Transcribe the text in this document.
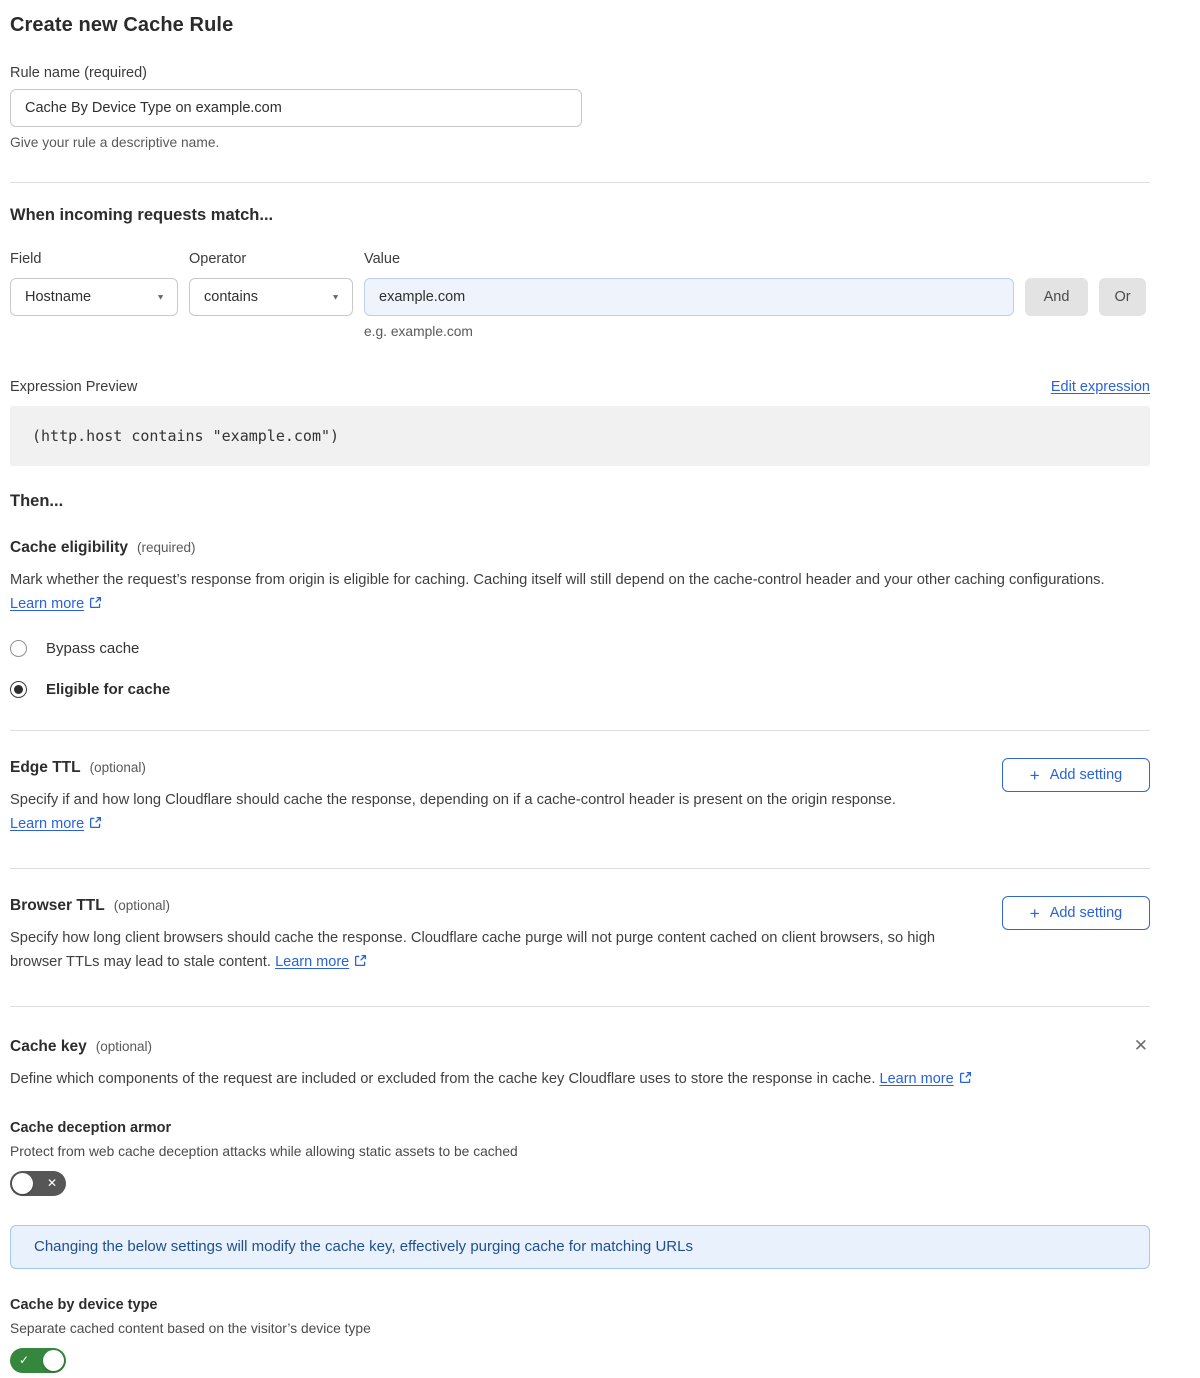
Create new Cache Rule
Rule name (required)
Cache By Device Type on example.com
Give your rule a descriptive name.
When incoming requests match...
Field
Hostname	▼
Operator
contains	▼
Value
example.com
e.g. example.com
And	Or
Expression Preview	Edit expression
(http.host contains "example.com")
Then...
Cache eligibility (required)

Mark whether the request’s response from origin is eligible for caching. Caching itself will still depend on the cache-control header and your other caching configurations. Learn more

Bypass cache
Eligible for cache
Edge TTL (optional)

Specify if and how long Cloudflare should cache the response, depending on if a cache-control header is present on the origin response. Learn more

+ Add setting
Browser TTL (optional)

Specify how long client browsers should cache the response. Cloudflare cache purge will not purge content cached on client browsers, so high browser TTLs may lead to stale content. Learn more

+ Add setting
Cache key (optional)	✕

Define which components of the request are included or excluded from the cache key Cloudflare uses to store the response in cache. Learn more

Cache deception armor
Protect from web cache deception attacks while allowing static assets to be cached
✕
Changing the below settings will modify the cache key, effectively purging cache for matching URLs
Cache by device type
Separate cached content based on the visitor’s device type
✓
